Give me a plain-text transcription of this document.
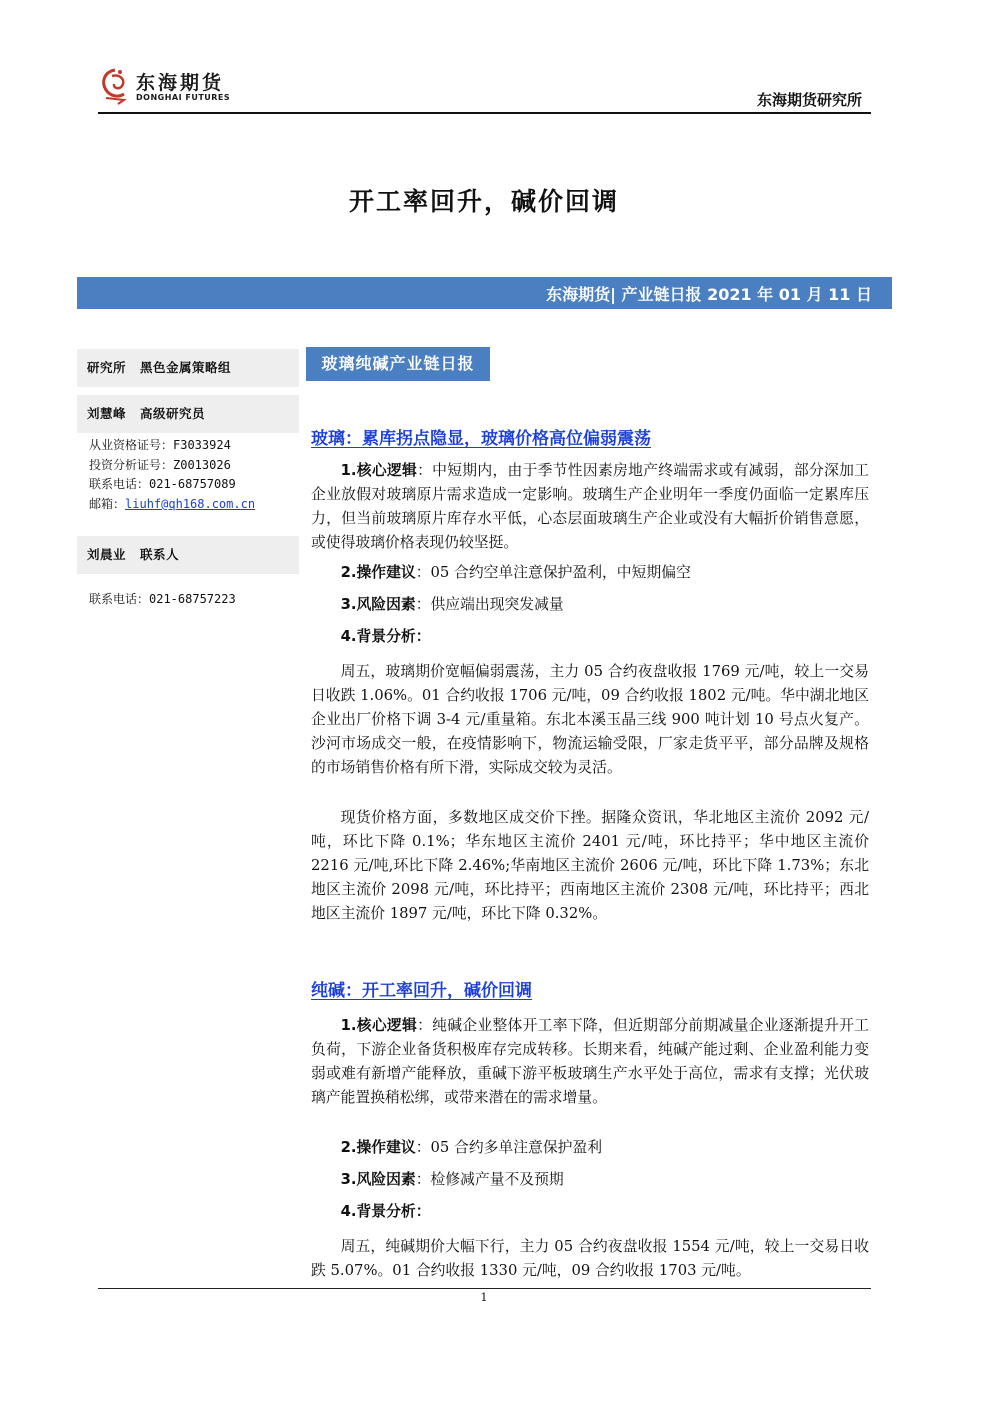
东海期货
DONGHAI FUTURES	东海期货研究所
开工率回升，碱价回调
东海期货| 产业链日报 2021 年 01 月 11 日
研究所 黑色金属策略组
刘慧峰 高级研究员
从业资格证号：F3033924
投资分析证号：Z0013026
联系电话：021-68757089
邮箱：liuhf@qh168.com.cn
刘晨业 联系人
联系电话：021-68757223
玻璃纯碱产业链日报
玻璃：累库拐点隐显，玻璃价格高位偏弱震荡
1.核心逻辑：中短期内，由于季节性因素房地产终端需求或有减弱，部分深加工企业放假对玻璃原片需求造成一定影响。玻璃生产企业明年一季度仍面临一定累库压力，但当前玻璃原片库存水平低，心态层面玻璃生产企业或没有大幅折价销售意愿，或使得玻璃价格表现仍较坚挺。
2.操作建议：05 合约空单注意保护盈利，中短期偏空
3.风险因素：供应端出现突发减量
4.背景分析：
周五，玻璃期价宽幅偏弱震荡，主力 05 合约夜盘收报 1769 元/吨，较上一交易日收跌 1.06%。01 合约收报 1706 元/吨，09 合约收报 1802 元/吨。华中湖北地区企业出厂价格下调 3-4 元/重量箱。东北本溪玉晶三线 900 吨计划 10 号点火复产。沙河市场成交一般，在疫情影响下，物流运输受限，厂家走货平平，部分品牌及规格的市场销售价格有所下滑，实际成交较为灵活。
现货价格方面，多数地区成交价下挫。据隆众资讯，华北地区主流价 2092 元/吨，环比下降 0.1%；华东地区主流价 2401 元/吨，环比持平；华中地区主流价 2216 元/吨,环比下降 2.46%;华南地区主流价 2606 元/吨，环比下降 1.73%；东北地区主流价 2098 元/吨，环比持平；西南地区主流价 2308 元/吨，环比持平；西北地区主流价 1897 元/吨，环比下降 0.32%。
纯碱：开工率回升，碱价回调
1.核心逻辑：纯碱企业整体开工率下降，但近期部分前期减量企业逐渐提升开工负荷，下游企业备货积极库存完成转移。长期来看，纯碱产能过剩、企业盈利能力变弱或难有新增产能释放，重碱下游平板玻璃生产水平处于高位，需求有支撑；光伏玻璃产能置换稍松绑，或带来潜在的需求增量。
2.操作建议：05 合约多单注意保护盈利
3.风险因素：检修减产量不及预期
4.背景分析：
周五，纯碱期价大幅下行，主力 05 合约夜盘收报 1554 元/吨，较上一交易日收跌 5.07%。01 合约收报 1330 元/吨，09 合约收报 1703 元/吨。
1
